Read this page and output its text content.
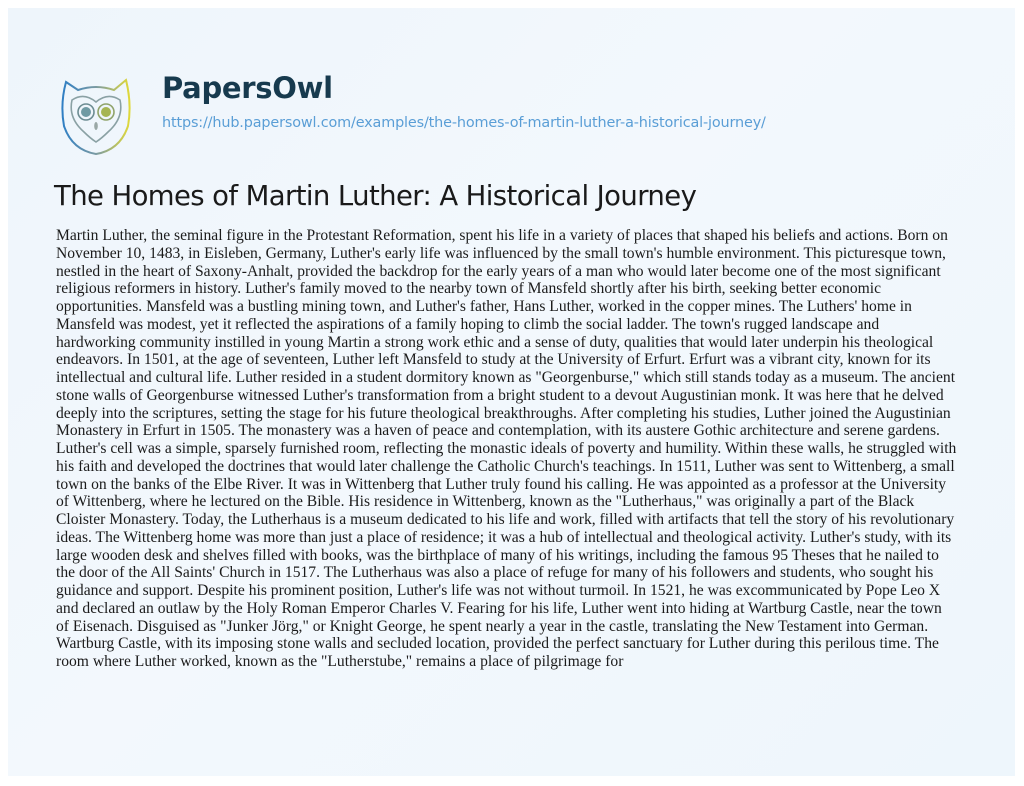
PapersOwl
https://hub.papersowl.com/examples/the-homes-of-martin-luther-a-historical-journey/
The Homes of Martin Luther: A Historical Journey
Martin Luther, the seminal figure in the Protestant Reformation, spent his life in a variety of places that shaped his beliefs and actions. Born on
November 10, 1483, in Eisleben, Germany, Luther's early life was influenced by the small town's humble environment. This picturesque town,
nestled in the heart of Saxony-Anhalt, provided the backdrop for the early years of a man who would later become one of the most significant
religious reformers in history. Luther's family moved to the nearby town of Mansfeld shortly after his birth, seeking better economic
opportunities. Mansfeld was a bustling mining town, and Luther's father, Hans Luther, worked in the copper mines. The Luthers' home in
Mansfeld was modest, yet it reflected the aspirations of a family hoping to climb the social ladder. The town's rugged landscape and
hardworking community instilled in young Martin a strong work ethic and a sense of duty, qualities that would later underpin his theological
endeavors. In 1501, at the age of seventeen, Luther left Mansfeld to study at the University of Erfurt. Erfurt was a vibrant city, known for its
intellectual and cultural life. Luther resided in a student dormitory known as "Georgenburse," which still stands today as a museum. The ancient
stone walls of Georgenburse witnessed Luther's transformation from a bright student to a devout Augustinian monk. It was here that he delved
deeply into the scriptures, setting the stage for his future theological breakthroughs. After completing his studies, Luther joined the Augustinian
Monastery in Erfurt in 1505. The monastery was a haven of peace and contemplation, with its austere Gothic architecture and serene gardens.
Luther's cell was a simple, sparsely furnished room, reflecting the monastic ideals of poverty and humility. Within these walls, he struggled with
his faith and developed the doctrines that would later challenge the Catholic Church's teachings. In 1511, Luther was sent to Wittenberg, a small
town on the banks of the Elbe River. It was in Wittenberg that Luther truly found his calling. He was appointed as a professor at the University
of Wittenberg, where he lectured on the Bible. His residence in Wittenberg, known as the "Lutherhaus," was originally a part of the Black
Cloister Monastery. Today, the Lutherhaus is a museum dedicated to his life and work, filled with artifacts that tell the story of his revolutionary
ideas. The Wittenberg home was more than just a place of residence; it was a hub of intellectual and theological activity. Luther's study, with its
large wooden desk and shelves filled with books, was the birthplace of many of his writings, including the famous 95 Theses that he nailed to
the door of the All Saints' Church in 1517. The Lutherhaus was also a place of refuge for many of his followers and students, who sought his
guidance and support. Despite his prominent position, Luther's life was not without turmoil. In 1521, he was excommunicated by Pope Leo X
and declared an outlaw by the Holy Roman Emperor Charles V. Fearing for his life, Luther went into hiding at Wartburg Castle, near the town
of Eisenach. Disguised as "Junker Jörg," or Knight George, he spent nearly a year in the castle, translating the New Testament into German.
Wartburg Castle, with its imposing stone walls and secluded location, provided the perfect sanctuary for Luther during this perilous time. The
room where Luther worked, known as the "Lutherstube," remains a place of pilgrimage for
